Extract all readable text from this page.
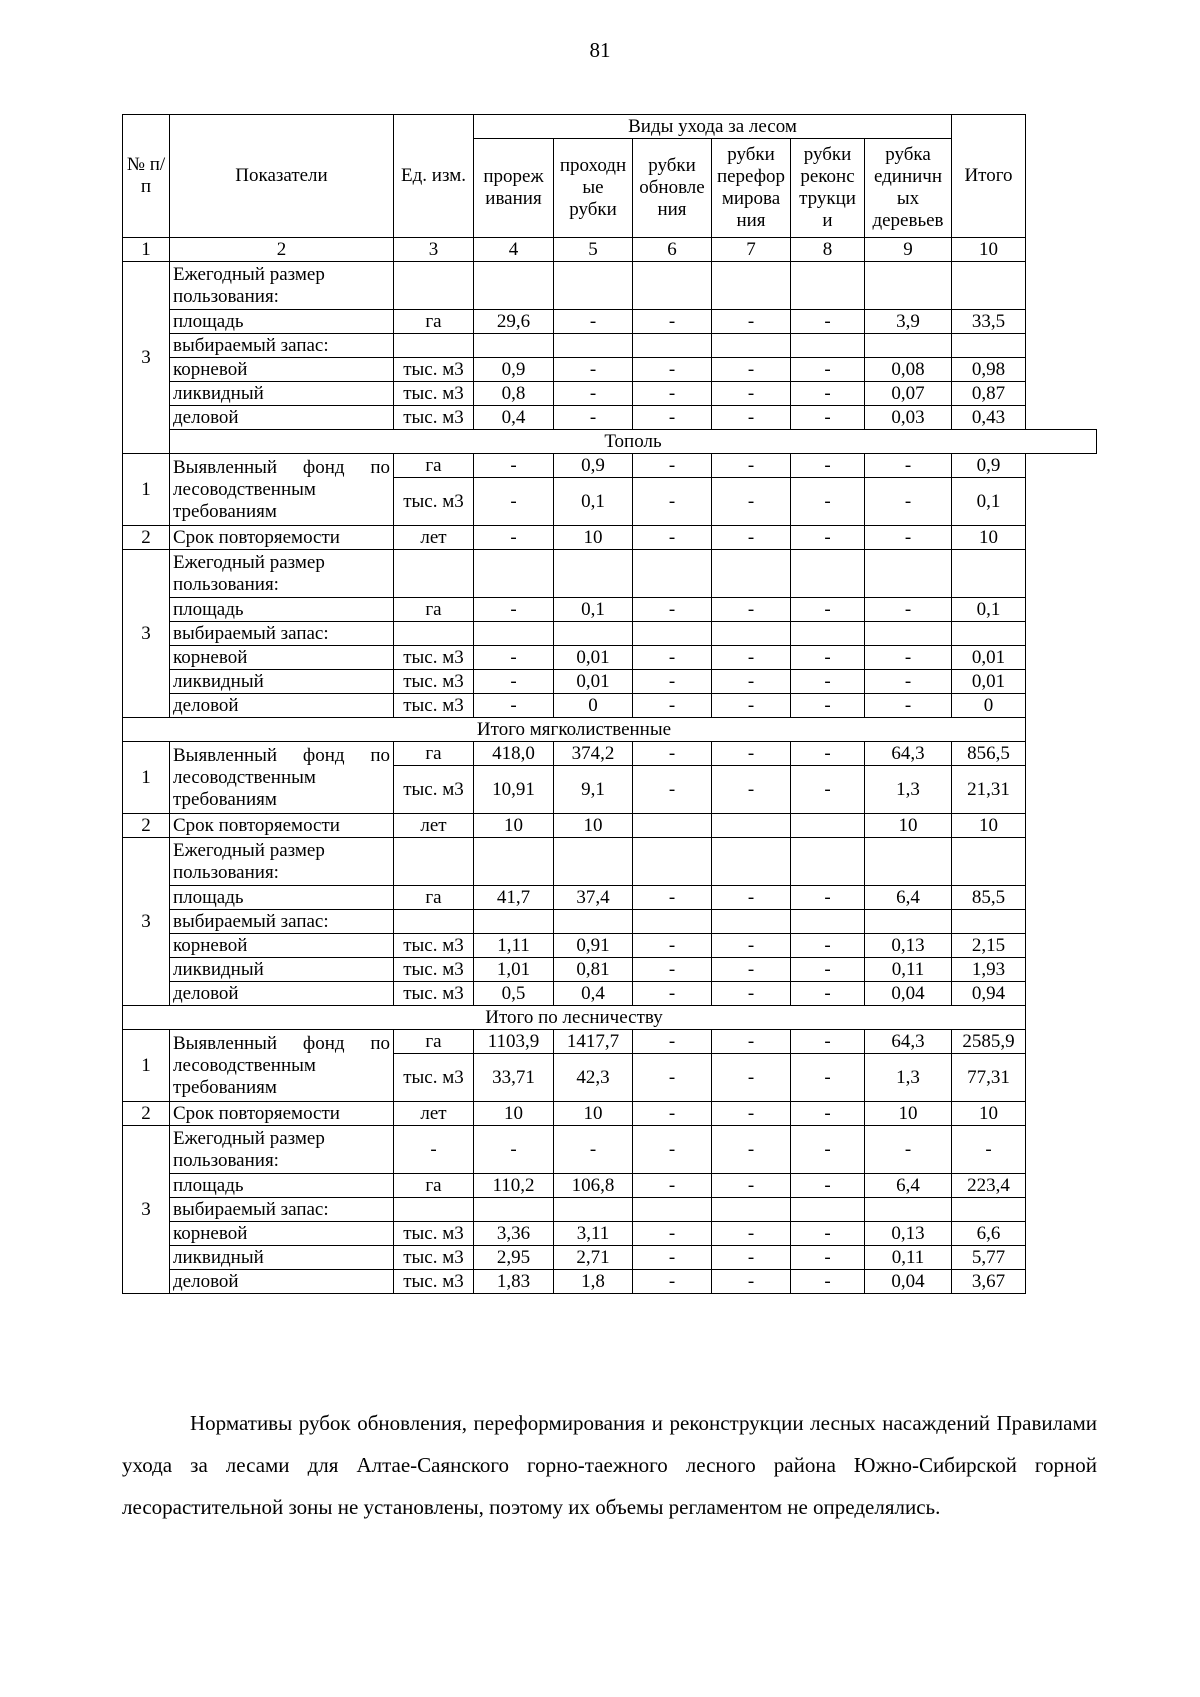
81
№ п/п	Показатели	Ед. изм.	Виды ухода за лесом						Итого
			прореж ивания	проходн ые рубки	рубки обновле ния	рубки перефор мирова ния	рубки реконс трукци и	рубка единичн ых деревьев	
1	2	3	4	5	6	7	8	9	10
3	Ежегодный размер пользования:								
	площадь	га	29,6	-	-	-	-	3,9	33,5
	выбираемый запас:								
	корневой	тыс. м3	0,9	-	-	-	-	0,08	0,98
	ликвидный	тыс. м3	0,8	-	-	-	-	0,07	0,87
	деловой	тыс. м3	0,4	-	-	-	-	0,03	0,43
	Тополь								
1	Выявленный фонд по лесоводственным требованиям	га	-	0,9	-	-	-	-	0,9
		тыс. м3	-	0,1	-	-	-	-	0,1
2	Срок повторяемости	лет	-	10	-	-	-	-	10
3	Ежегодный размер пользования:								
	площадь	га	-	0,1	-	-	-	-	0,1
	выбираемый запас:								
	корневой	тыс. м3	-	0,01	-	-	-	-	0,01
	ликвидный	тыс. м3	-	0,01	-	-	-	-	0,01
	деловой	тыс. м3	-	0	-	-	-	-	0
Итого мягколиственные									
1	Выявленный фонд по лесоводственным требованиям	га	418,0	374,2	-	-	-	64,3	856,5
		тыс. м3	10,91	9,1	-	-	-	1,3	21,31
2	Срок повторяемости	лет	10	10				10	10
3	Ежегодный размер пользования:								
	площадь	га	41,7	37,4	-	-	-	6,4	85,5
	выбираемый запас:								
	корневой	тыс. м3	1,11	0,91	-	-	-	0,13	2,15
	ликвидный	тыс. м3	1,01	0,81	-	-	-	0,11	1,93
	деловой	тыс. м3	0,5	0,4	-	-	-	0,04	0,94
Итого по лесничеству									
1	Выявленный фонд по лесоводственным требованиям	га	1103,9	1417,7	-	-	-	64,3	2585,9
		тыс. м3	33,71	42,3	-	-	-	1,3	77,31
2	Срок повторяемости	лет	10	10	-	-	-	10	10
3	Ежегодный размер пользования:	-	-	-	-	-	-	-	-
	площадь	га	110,2	106,8	-	-	-	6,4	223,4
	выбираемый запас:								
	корневой	тыс. м3	3,36	3,11	-	-	-	0,13	6,6
	ликвидный	тыс. м3	2,95	2,71	-	-	-	0,11	5,77
	деловой	тыс. м3	1,83	1,8	-	-	-	0,04	3,67

Нормативы рубок обновления, переформирования и реконструкции лесных насаждений Правилами ухода за лесами для Алтае-Саянского горно-таежного лесного района Южно-Сибирской горной лесорастительной зоны не установлены, поэтому их объемы регламентом не определялись.
